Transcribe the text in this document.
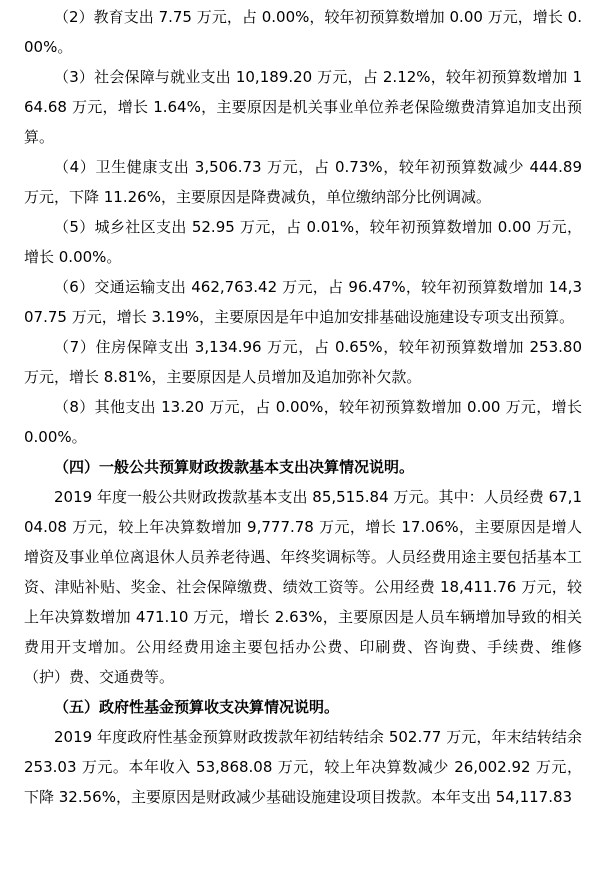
（2）教育支出 7.75 万元，占 0.00%，较年初预算数增加 0.00 万元，增长 0.00%。

（3）社会保障与就业支出 10,189.20 万元，占 2.12%，较年初预算数增加 164.68 万元，增长 1.64%，主要原因是机关事业单位养老保险缴费清算追加支出预算。

（4）卫生健康支出 3,506.73 万元，占 0.73%，较年初预算数减少 444.89 万元，下降 11.26%，主要原因是降费减负，单位缴纳部分比例调减。

（5）城乡社区支出 52.95 万元，占 0.01%，较年初预算数增加 0.00 万元，增长 0.00%。

（6）交通运输支出 462,763.42 万元，占 96.47%，较年初预算数增加 14,307.75 万元，增长 3.19%，主要原因是年中追加安排基础设施建设专项支出预算。

（7）住房保障支出 3,134.96 万元，占 0.65%，较年初预算数增加 253.80 万元，增长 8.81%，主要原因是人员增加及追加弥补欠款。

（8）其他支出 13.20 万元，占 0.00%，较年初预算数增加 0.00 万元，增长 0.00%。

（四）一般公共预算财政拨款基本支出决算情况说明。

2019 年度一般公共财政拨款基本支出 85,515.84 万元。其中：人员经费 67,104.08 万元，较上年决算数增加 9,777.78 万元，增长 17.06%，主要原因是增人增资及事业单位离退休人员养老待遇、年终奖调标等。人员经费用途主要包括基本工资、津贴补贴、奖金、社会保障缴费、绩效工资等。公用经费 18,411.76 万元，较上年决算数增加 471.10 万元，增长 2.63%，主要原因是人员车辆增加导致的相关费用开支增加。公用经费用途主要包括办公费、印刷费、咨询费、手续费、维修（护）费、交通费等。

（五）政府性基金预算收支决算情况说明。

2019 年度政府性基金预算财政拨款年初结转结余 502.77 万元，年末结转结余 253.03 万元。本年收入 53,868.08 万元，较上年决算数减少 26,002.92 万元，下降 32.56%，主要原因是财政减少基础设施建设项目拨款。本年支出 54,117.83
